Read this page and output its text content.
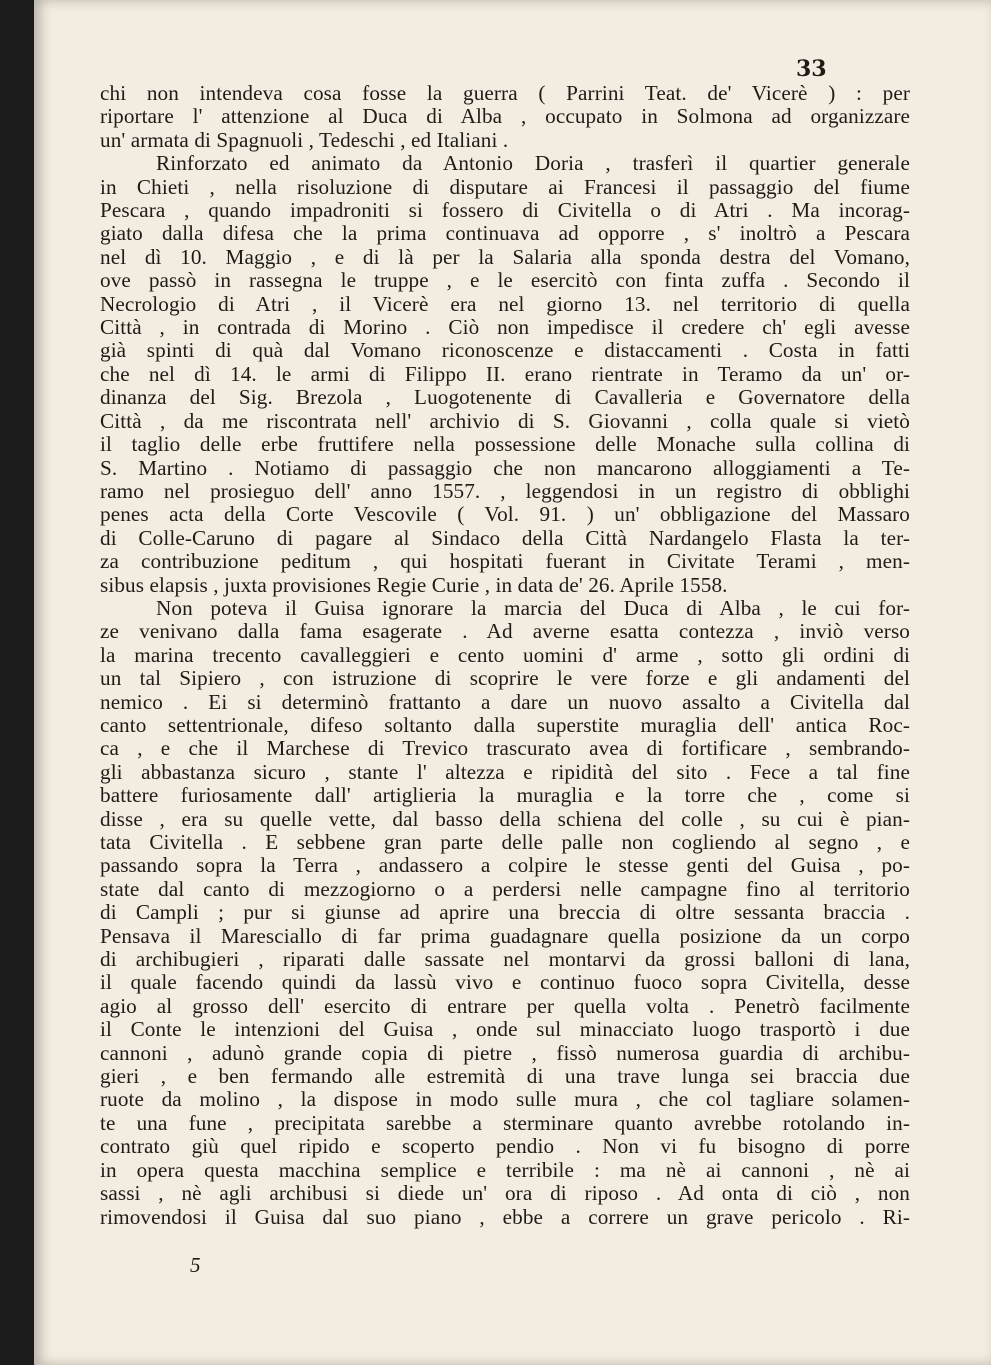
33
chi non intendeva cosa fosse la guerra ( Parrini Teat. de' Vicerè ) : per
riportare l' attenzione al Duca di Alba , occupato in Solmona ad organizzare
un' armata di Spagnuoli , Tedeschi , ed Italiani .
Rinforzato ed animato da Antonio Doria , trasferì il quartier generale
in Chieti , nella risoluzione di disputare ai Francesi il passaggio del fiume
Pescara , quando impadroniti si fossero di Civitella o di Atri . Ma incorag-
giato dalla difesa che la prima continuava ad opporre , s' inoltrò a Pescara
nel dì 10. Maggio , e di là per la Salaria alla sponda destra del Vomano,
ove passò in rassegna le truppe , e le esercitò con finta zuffa . Secondo il
Necrologio di Atri , il Vicerè era nel giorno 13. nel territorio di quella
Città , in contrada di Morino . Ciò non impedisce il credere ch' egli avesse
già spinti di quà dal Vomano riconoscenze e distaccamenti . Costa in fatti
che nel dì 14. le armi di Filippo II. erano rientrate in Teramo da un' or-
dinanza del Sig. Brezola , Luogotenente di Cavalleria e Governatore della
Città , da me riscontrata nell' archivio di S. Giovanni , colla quale si vietò
il taglio delle erbe fruttifere nella possessione delle Monache sulla collina di
S. Martino . Notiamo di passaggio che non mancarono alloggiamenti a Te-
ramo nel prosieguo dell' anno 1557. , leggendosi in un registro di obblighi
penes acta della Corte Vescovile ( Vol. 91. ) un' obbligazione del Massaro
di Colle-Caruno di pagare al Sindaco della Città Nardangelo Flasta la ter-
za contribuzione peditum , qui hospitati fuerant in Civitate Terami , men-
sibus elapsis , juxta provisiones Regie Curie , in data de' 26. Aprile 1558.
Non poteva il Guisa ignorare la marcia del Duca di Alba , le cui for-
ze venivano dalla fama esagerate . Ad averne esatta contezza , inviò verso
la marina trecento cavalleggieri e cento uomini d' arme , sotto gli ordini di
un tal Sipiero , con istruzione di scoprire le vere forze e gli andamenti del
nemico . Ei si determinò frattanto a dare un nuovo assalto a Civitella dal
canto settentrionale, difeso soltanto dalla superstite muraglia dell' antica Roc-
ca , e che il Marchese di Trevico trascurato avea di fortificare , sembrando-
gli abbastanza sicuro , stante l' altezza e ripidità del sito . Fece a tal fine
battere furiosamente dall' artiglieria la muraglia e la torre che , come si
disse , era su quelle vette, dal basso della schiena del colle , su cui è pian-
tata Civitella . E sebbene gran parte delle palle non cogliendo al segno , e
passando sopra la Terra , andassero a colpire le stesse genti del Guisa , po-
state dal canto di mezzogiorno o a perdersi nelle campagne fino al territorio
di Campli ; pur si giunse ad aprire una breccia di oltre sessanta braccia .
Pensava il Maresciallo di far prima guadagnare quella posizione da un corpo
di archibugieri , riparati dalle sassate nel montarvi da grossi balloni di lana,
il quale facendo quindi da lassù vivo e continuo fuoco sopra Civitella, desse
agio al grosso dell' esercito di entrare per quella volta . Penetrò facilmente
il Conte le intenzioni del Guisa , onde sul minacciato luogo trasportò i due
cannoni , adunò grande copia di pietre , fissò numerosa guardia di archibu-
gieri , e ben fermando alle estremità di una trave lunga sei braccia due
ruote da molino , la dispose in modo sulle mura , che col tagliare solamen-
te una fune , precipitata sarebbe a sterminare quanto avrebbe rotolando in-
contrato giù quel ripido e scoperto pendio . Non vi fu bisogno di porre
in opera questa macchina semplice e terribile : ma nè ai cannoni , nè ai
sassi , nè agli archibusi si diede un' ora di riposo . Ad onta di ciò , non
rimovendosi il Guisa dal suo piano , ebbe a correre un grave pericolo . Ri-
5
